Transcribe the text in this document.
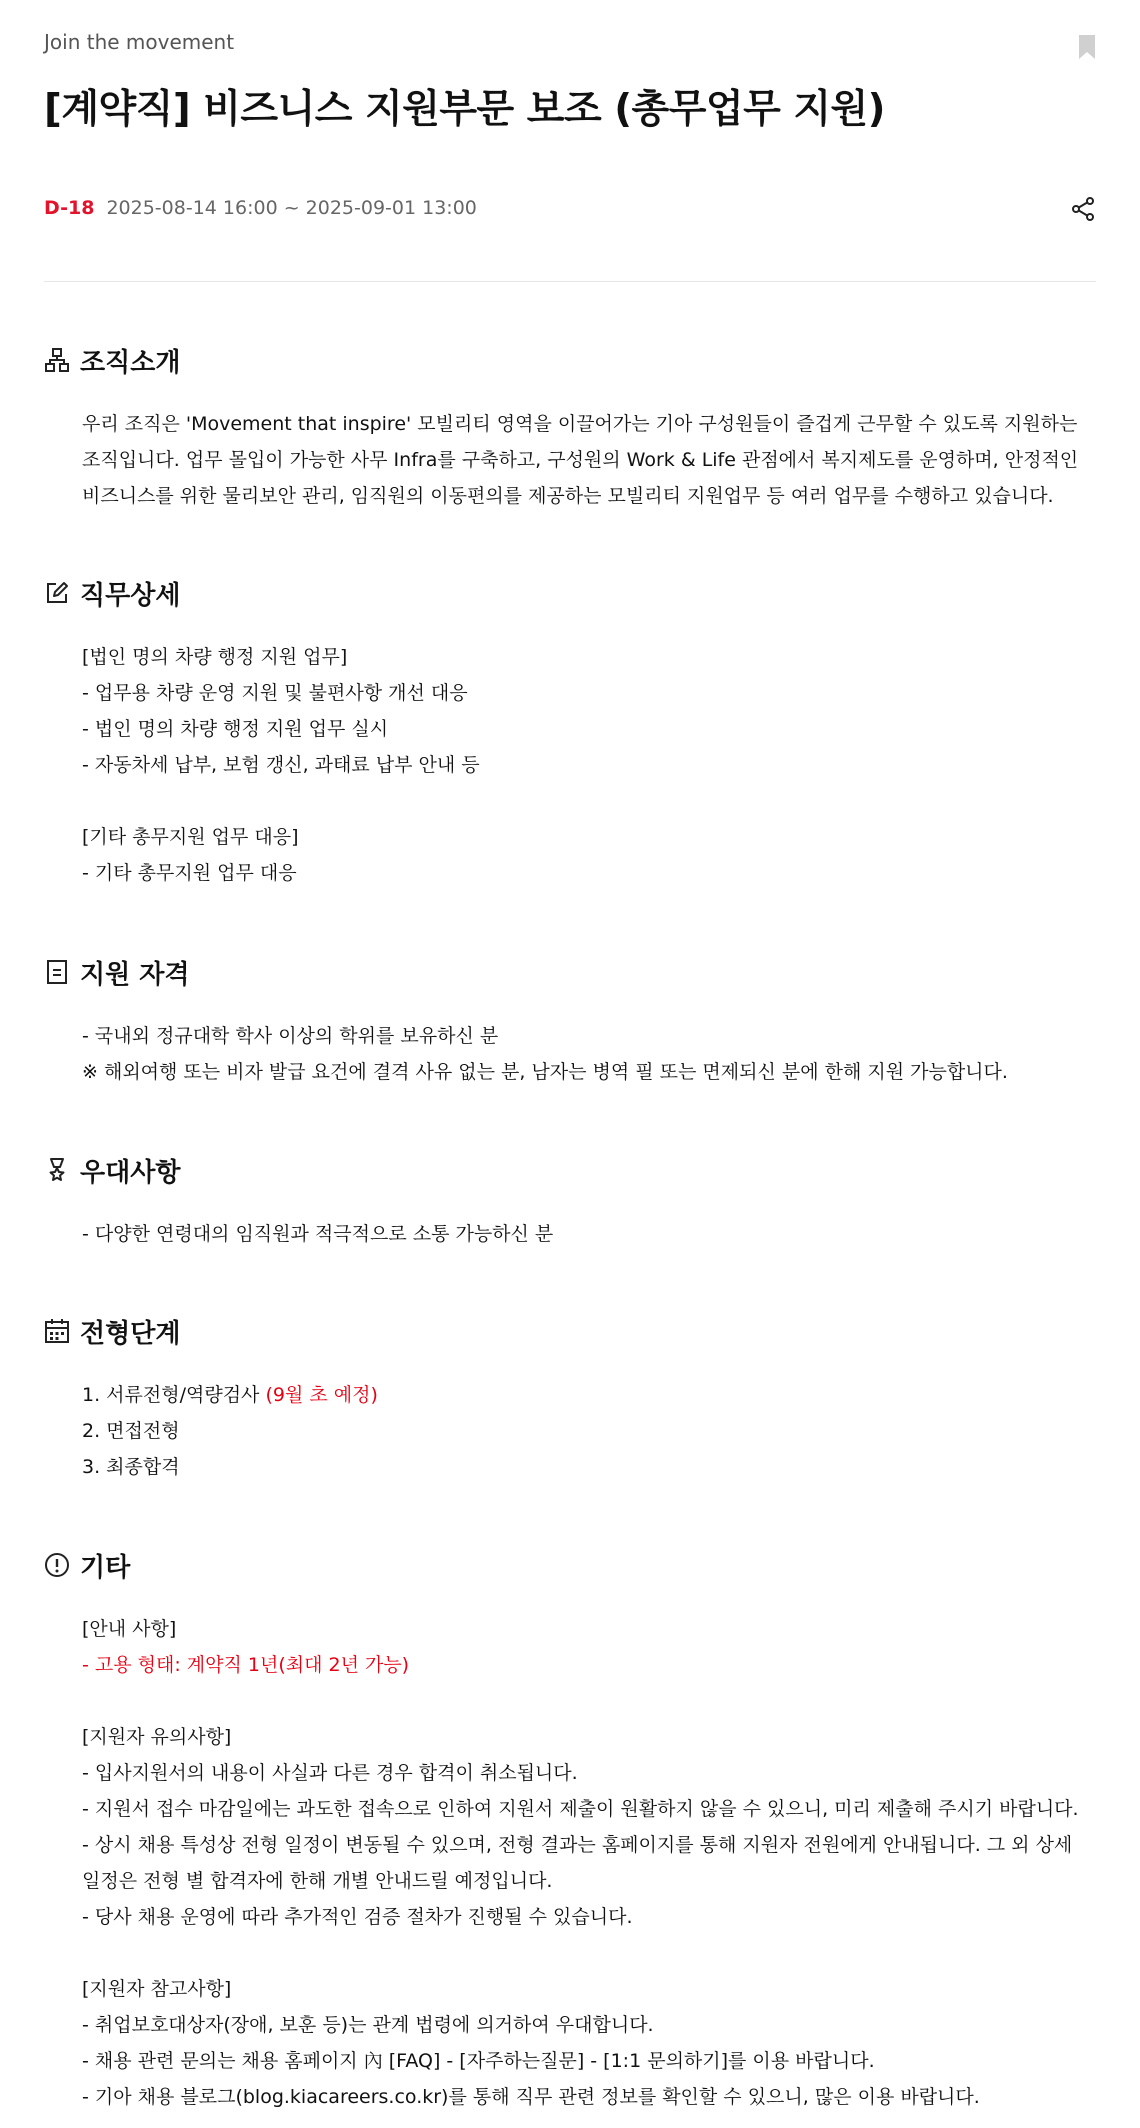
Join the movement
[계약직] 비즈니스 지원부문 보조 (총무업무 지원)
D-18 2025-08-14 16:00 ~ 2025-09-01 13:00
조직소개
우리 조직은 'Movement that inspire' 모빌리티 영역을 이끌어가는 기아 구성원들이 즐겁게 근무할 수 있도록 지원하는 조직입니다. 업무 몰입이 가능한 사무 Infra를 구축하고, 구성원의 Work & Life 관점에서 복지제도를 운영하며, 안정적인 비즈니스를 위한 물리보안 관리, 임직원의 이동편의를 제공하는 모빌리티 지원업무 등 여러 업무를 수행하고 있습니다.
직무상세
[법인 명의 차량 행정 지원 업무]
- 업무용 차량 운영 지원 및 불편사항 개선 대응
- 법인 명의 차량 행정 지원 업무 실시
- 자동차세 납부, 보험 갱신, 과태료 납부 안내 등
[기타 총무지원 업무 대응]
- 기타 총무지원 업무 대응
지원 자격
- 국내외 정규대학 학사 이상의 학위를 보유하신 분
※ 해외여행 또는 비자 발급 요건에 결격 사유 없는 분, 남자는 병역 필 또는 면제되신 분에 한해 지원 가능합니다.
우대사항
- 다양한 연령대의 임직원과 적극적으로 소통 가능하신 분
전형단계
1. 서류전형/역량검사 (9월 초 예정)
2. 면접전형
3. 최종합격
기타
[안내 사항]
- 고용 형태: 계약직 1년(최대 2년 가능)
[지원자 유의사항]
- 입사지원서의 내용이 사실과 다른 경우 합격이 취소됩니다.
- 지원서 접수 마감일에는 과도한 접속으로 인하여 지원서 제출이 원활하지 않을 수 있으니, 미리 제출해 주시기 바랍니다.
- 상시 채용 특성상 전형 일정이 변동될 수 있으며, 전형 결과는 홈페이지를 통해 지원자 전원에게 안내됩니다. 그 외 상세 일정은 전형 별 합격자에 한해 개별 안내드릴 예정입니다.
- 당사 채용 운영에 따라 추가적인 검증 절차가 진행될 수 있습니다.
[지원자 참고사항]
- 취업보호대상자(장애, 보훈 등)는 관계 법령에 의거하여 우대합니다.
- 채용 관련 문의는 채용 홈페이지 內 [FAQ] - [자주하는질문] - [1:1 문의하기]를 이용 바랍니다.
- 기아 채용 블로그(blog.kiacareers.co.kr)를 통해 직무 관련 정보를 확인할 수 있으니, 많은 이용 바랍니다.
